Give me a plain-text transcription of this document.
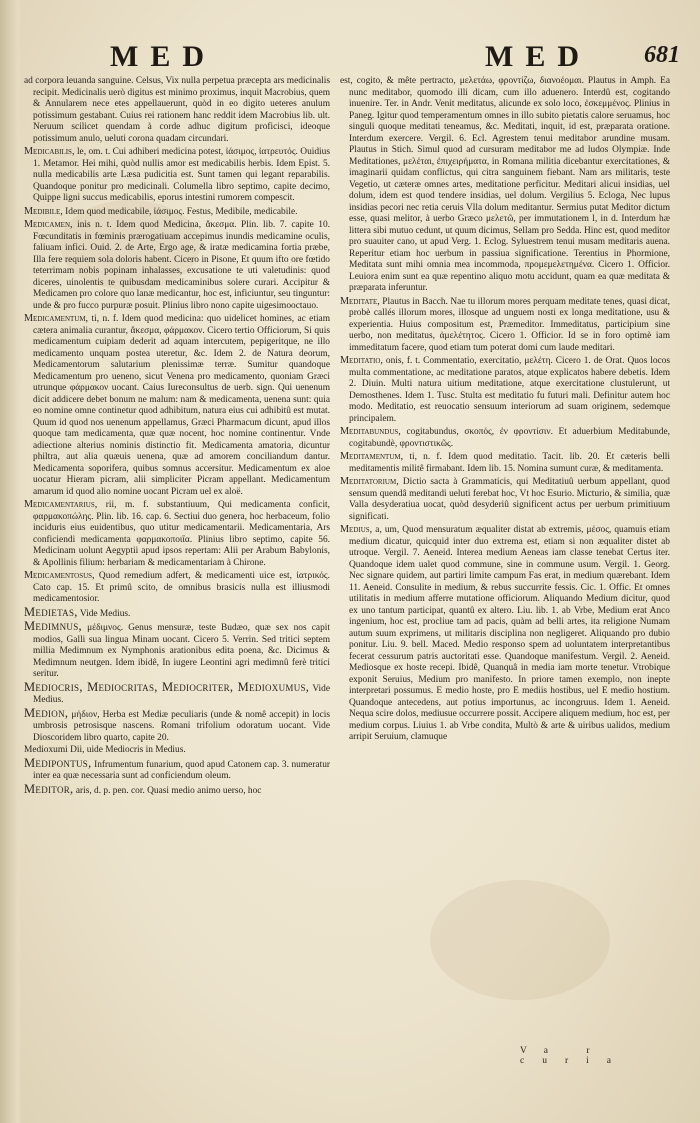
MED	MED 681

ad corpora leuanda sanguine. Celsus, Vix nulla perpetua præcepta ars medicinalis recipit. Medicinalis uerò digitus est minimo proximus, inquit Macrobius, quem & Annularem nece etes appellauerunt, quòd in eo digito ueteres anulum potissimum gestabant. Cuius rei rationem hanc reddit idem Macrobius lib. ult. Neruum scilicet quendam à corde adhuc digitum proficisci, ideoque potissimum anulo, ueluti corona quadam circundari.

Medicabilis, le, om. t. Cui adhiberi medicina potest, ἰάσιμος, ἰατρευτός. Ouidius 1. Metamor. Hei mihi, quòd nullis amor est medicabilis herbis. Idem Epist. 5. nulla medicabilis arte Læsa pudicitia est. Sunt tamen qui legant reparabilis. Quandoque ponitur pro medicinali. Columella libro septimo, capite decimo, Quippe ligni succus medicabilis, eporus intestini rumorem compescit.

Medibile, Idem quod medicabile, ἰάσιμος. Festus, Medibile, medicabile.

Medicamen, inis n. t. Idem quod Medicina, ἄκεσμα. Plin. lib. 7. capite 10. Fœcunditatis in fœminis prærogatiuam accepimus inundis medicamine oculis, faliuam infici. Ouid. 2. de Arte, Ergo age, & iratæ medicamina fortia præbe, Illa fere requiem sola doloris habent. Cicero in Pisone, Et quum ifto ore fœtido teterrimam nobis popinam inhalasses, excusatione te uti valetudinis: quod diceres, uinolentis te quibusdam medicaminibus solere curari. Accipitur & Medicamen pro colore quo lanæ medicantur, hoc est, inficiuntur, seu tinguntur: unde & pro fucco purpuræ posuit. Plinius libro nono capite uigesimooctauo.

Medicamentum, ti, n. f. Idem quod medicina: quo uidelicet homines, ac etiam cætera animalia curantur, ἄκεσμα, φάρμακον. Cicero tertio Officiorum, Si quis medicamentum cuipiam dederit ad aquam intercutem, pepigeritque, ne illo medicamento unquam postea uteretur, &c. Idem 2. de Natura deorum, Medicamentorum salutarium plenissimæ terræ. Sumitur quandoque Medicamentum pro ueneno, sicut Venena pro medicamento, quoniam Græci utrunque φάρμακον uocant. Caius Iureconsultus de uerb. sign. Qui uenenum dicit addicere debet bonum ne malum: nam & medicamenta, uenena sunt: quia eo nomine omne continetur quod adhibitum, natura eius cui adhibitû est mutat. Quum id quod nos uenenum appellamus, Græci Pharmacum dicunt, apud illos quoque tam medicamenta, quæ quæ nocent, hoc nomine continentur. Vnde adiectione alterius nominis distinctio fit. Medicamenta amatoria, dicuntur philtra, aut alia quæuis uenena, quæ ad amorem conciliandum dantur. Medicamenta soporifera, quibus somnus accersitur. Medicamentum ex aloe uocatur Hieram picram, alii simpliciter Picram appellant. Medicamentum amarum id quod alio nomine uocant Picram uel ex aloë.

Medicamentarius, rii, m. f. substantiuum, Qui medicamenta conficit, φαρμακοπώλης. Plin. lib. 16. cap. 6. Sectiui duo genera, hoc herbaceum, folio inciduris eius euidentibus, quo utitur medicamentarii. Medicamentaria, Ars conficiendi medicamenta φαρμακοποιΐα. Plinius libro septimo, capite 56. Medicinam uolunt Aegyptii apud ipsos repertam: Alii per Arabum Babylonis, & Apollinis filium: herbariam & medicamentariam à Chirone.

Medicamentosus, Quod remedium adfert, & medicamenti uice est, ἰατρικός. Cato cap. 15. Et primû scito, de omnibus brasicis nulla est illiusmodi medicamentosior.

Medietas, Vide Medius.

Medimnus, μέδιμνος. Genus mensuræ, teste Budæo, quæ sex nos capit modios, Galli sua lingua Minam uocant. Cicero 5. Verrin. Sed tritici septem millia Medimnum ex Nymphonis arationibus edita poena, &c. Dicimus & Medimnum neutgen. Idem ibidê, In iugere Leontini agri medimnû ferè tritici seritur.

Mediocris, Mediocritas, Mediocriter, Medioxumus, Vide Medius.

Medion, μήδιον, Herba est Mediæ peculiaris (unde & nomê accepit) in locis umbrosis petrosisque nascens. Romani trifolium odoratum uocant. Vide Dioscoridem libro quarto, capite 20.

Medioxumi Dii, uide Mediocris in Medius.

Medipontus, Infrumentum funarium, quod apud Catonem cap. 3. numeratur inter ea quæ necessaria sunt ad conficiendum oleum.

Meditor, aris, d. p. pen. cor. Quasi medio animo uerso, hoc

est, cogito, & mête pertracto, μελετάω, φροντίζω, διανοέομαι. Plautus in Amph. Ea nunc meditabor, quomodo illi dicam, cum illo aduenero. Interdû est, cogitando inuenire. Ter. in Andr. Venit meditatus, alicunde ex solo loco, ἐσκεμμένος. Plinius in Paneg. Igitur quod temperamentum omnes in illo subito pietatis calore seruamus, hoc singuli quoque meditati teneamus, &c. Meditati, inquit, id est, præparata oratione. Interdum exercere. Vergil. 6. Ecl. Agrestem tenui meditabor arundine musam. Plautus in Stich. Simul quod ad cursuram meditabor me ad ludos Olympiæ. Inde Meditationes, μελέται, ἐπιχειρήματα, in Romana militia dicebantur exercitationes, & imaginarii quidam conflictus, qui citra sanguinem fiebant. Nam ars militaris, teste Vegetio, ut cæteræ omnes artes, meditatione perficitur. Meditari alicui insidias, uel dolum, idem est quod tendere insidias, uel dolum. Vergilius 5. Ecloga, Nec lupus insidias pecori nec retia ceruis Vlla dolum meditantur. Sermius putat Meditor dictum esse, quasi melitor, à uerbo Græco μελετῶ, per immutationem l, in d. Interdum hæ littera sibi mutuo cedunt, ut quum dicimus, Sellam pro Sedda. Hinc est, quod meditor pro suauiter cano, ut apud Verg. 1. Eclog. Syluestrem tenui musam meditaris auena. Reperitur etiam hoc uerbum in passiua significatione. Terentius in Phormione, Meditata sunt mihi omnia mea incommoda, προμεμελετημένα. Cicero 1. Officior. Leuiora enim sunt ea quæ repentino aliquo motu accidunt, quam ea quæ meditata & præparata inferuntur.

Meditate, Plautus in Bacch. Nae tu illorum mores perquam meditate tenes, quasi dicat, probè callés illorum mores, illosque ad unguem nosti ex longa meditatione, usu & experientia. Huius compositum est, Præmeditor. Immeditatus, participium sine uerbo, non meditatus, ἀμελέτητος. Cicero 1. Officior. Id se in foro optimè iam immeditatum facere, quod etiam tum poterat domi cum laude meditari.

Meditatio, onis, f. t. Commentatio, exercitatio, μελέτη. Cicero 1. de Orat. Quos locos multa commentatione, ac meditatione paratos, atque explicatos habere debetis. Idem 2. Diuin. Multi natura uitium meditatione, atque exercitatione clustulerunt, ut Demosthenes. Idem 1. Tusc. Stulta est meditatio fu futuri mali. Definitur autem hoc modo. Meditatio, est reuocatio sensuum interiorum ad suam originem, sedemque principalem.

Meditabundus, cogitabundus, σκοπός, ἐν φροντίσιν. Et aduerbium Meditabunde, cogitabundè, φροντιστικῶς.

Meditamentum, ti, n. f. Idem quod meditatio. Tacit. lib. 20. Et cæteris belli meditamentis militê firmabant. Idem lib. 15. Nomina sumunt curæ, & meditamenta.

Meditatorium, Dictio sacta à Grammaticis, qui Meditatiuû uerbum appellant, quod sensum quendâ meditandi ueluti ferebat hoc, Vt hoc Esurio. Micturio, & similia, quæ Valla desyderatiua uocat, quòd desyderiû significent actus per uerbum primitiuum significati.

Medius, a, um, Quod mensuratum æqualiter distat ab extremis, μέσος, quamuis etiam medium dicatur, quicquid inter duo extrema est, etiam si non æqualiter distet ab utroque. Vergil. 7. Aeneid. Interea medium Aeneas iam classe tenebat Certus iter. Quandoque idem ualet quod commune, sine in commune usum. Vergil. 1. Georg. Nec signare quidem, aut partiri limite campum Fas erat, in medium quærebant. Idem 11. Aeneid. Consulite in medium, & rebus succurrite fessis. Cic. 1. Offic. Et omnes utilitatis in medium afferre mutatione officiorum. Aliquando Medium dicitur, quod ex uno tantum participat, quantû ex altero. Liu. lib. 1. ab Vrbe, Medium erat Anco ingenium, hoc est, procliue tam ad pacis, quàm ad belli artes, ita religione Numam autum suum exprimens, ut militaris disciplina non negligeret. Aliquando pro dubio ponitur. Liu. 9. bell. Maced. Medio responso spem ad uoluntatem interpretantibus fecerat cessurum patris auctoritati esse. Quandoque manifestum. Vergil. 2. Aeneid. Mediosque ex hoste recepi. Ibidê, Quanquâ in media iam morte tenetur. Vtrobique exponit Seruius, Medium pro manifesto. In priore tamen exemplo, non inepte interpretari possumus. E medio hoste, pro E mediis hostibus, uel E medio hostium. Quandoque antecedens, aut potius importunus, ac incongruus. Idem 1. Aeneid. Nequa scire dolos, mediusue occurrere possit. Accipere aliquem medium, hoc est, per medium corpus. Liuius 1. ab Vrbe condita, Multò & arte & uiribus ualidos, medium arripit Seruium, clamuque

Va r curia
